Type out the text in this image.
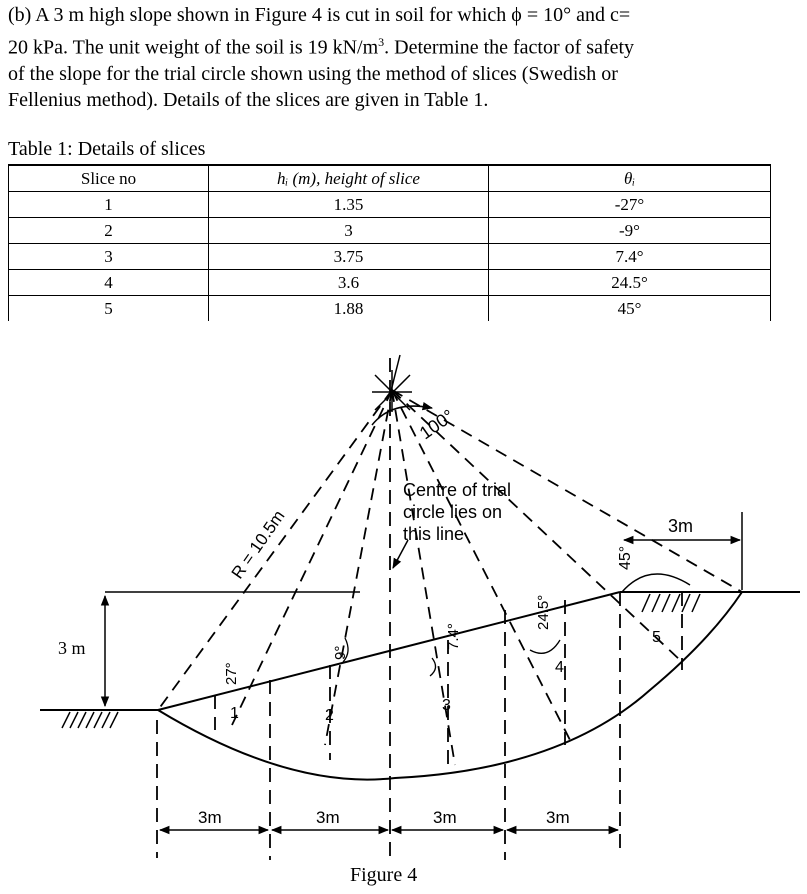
(b) A 3 m high slope shown in Figure 4 is cut in soil for which ϕ = 10° and c=
20 kPa. The unit weight of the soil is 19 $kN/m^3$. Determine the factor of safety
of the slope for the trial circle shown using the method of slices (Swedish or
Fellenius method). Details of the slices are given in Table 1.
Table 1: Details of slices
Slice no	hᵢ (m), height of slice	θᵢ
1	1.35	-27°
2	3	-9°
3	3.75	7.4°
4	3.6	24.5°
5	1.88	45°
R = 10.5m
100°
Centre of trial
circle lies on
this line	3m
45°
27°
9°
7.4°
24.5°
1	2
3
4
5
3m	3m	3m	3m
3 m
Figure 4
